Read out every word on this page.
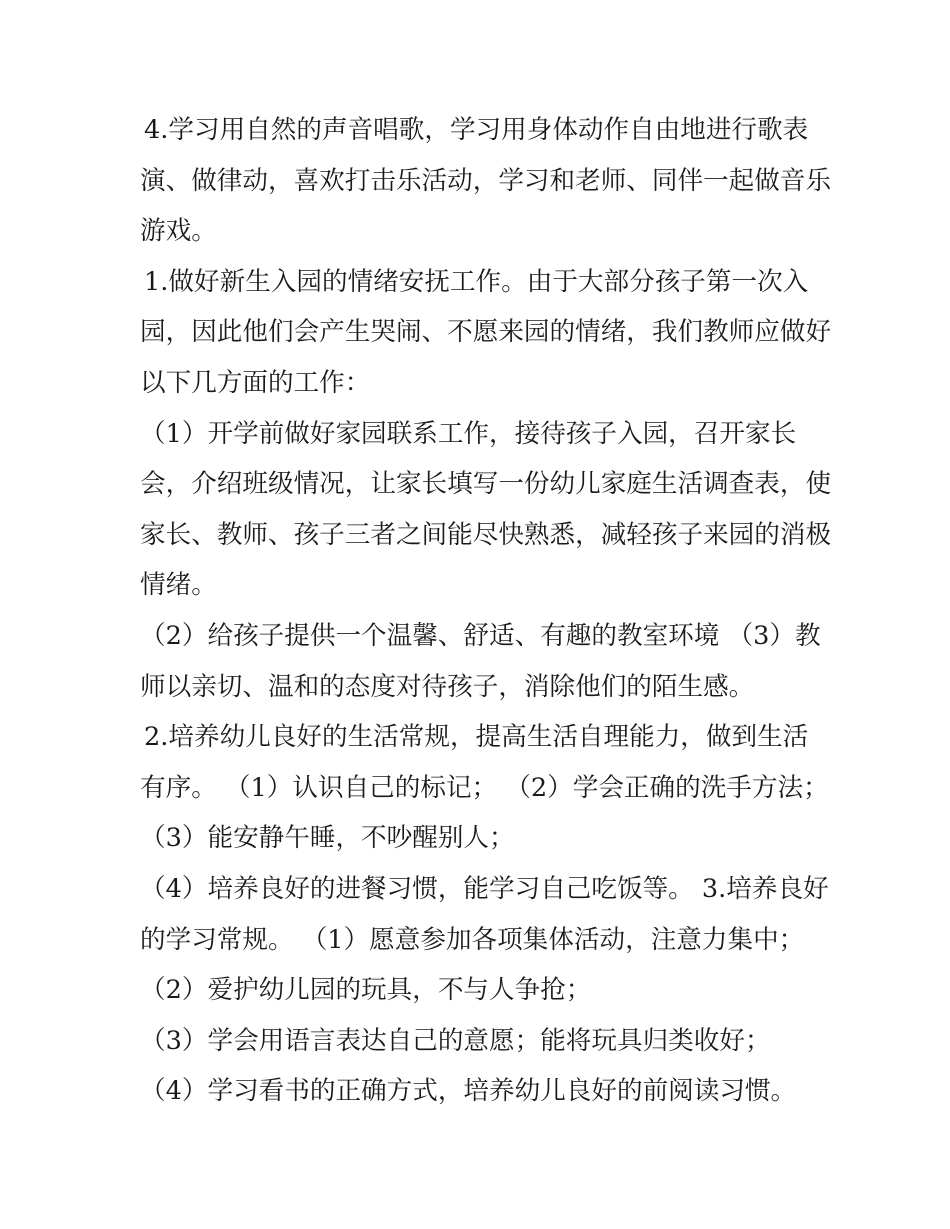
4.学习用自然的声音唱歌，学习用身体动作自由地进行歌表
演、做律动，喜欢打击乐活动，学习和老师、同伴一起做音乐
游戏。
1.做好新生入园的情绪安抚工作。由于大部分孩子第一次入
园，因此他们会产生哭闹、不愿来园的情绪，我们教师应做好
以下几方面的工作：
（1）开学前做好家园联系工作，接待孩子入园，召开家长
会，介绍班级情况，让家长填写一份幼儿家庭生活调查表，使
家长、教师、孩子三者之间能尽快熟悉，减轻孩子来园的消极
情绪。
（2）给孩子提供一个温馨、舒适、有趣的教室环境 （3）教
师以亲切、温和的态度对待孩子，消除他们的陌生感。
2.培养幼儿良好的生活常规，提高生活自理能力，做到生活
有序。 （1）认识自己的标记； （2）学会正确的洗手方法；
（3）能安静午睡，不吵醒别人；
（4）培养良好的进餐习惯，能学习自己吃饭等。 3.培养良好
的学习常规。 （1）愿意参加各项集体活动，注意力集中；
（2）爱护幼儿园的玩具，不与人争抢；
（3）学会用语言表达自己的意愿；能将玩具归类收好；
（4）学习看书的正确方式，培养幼儿良好的前阅读习惯。
